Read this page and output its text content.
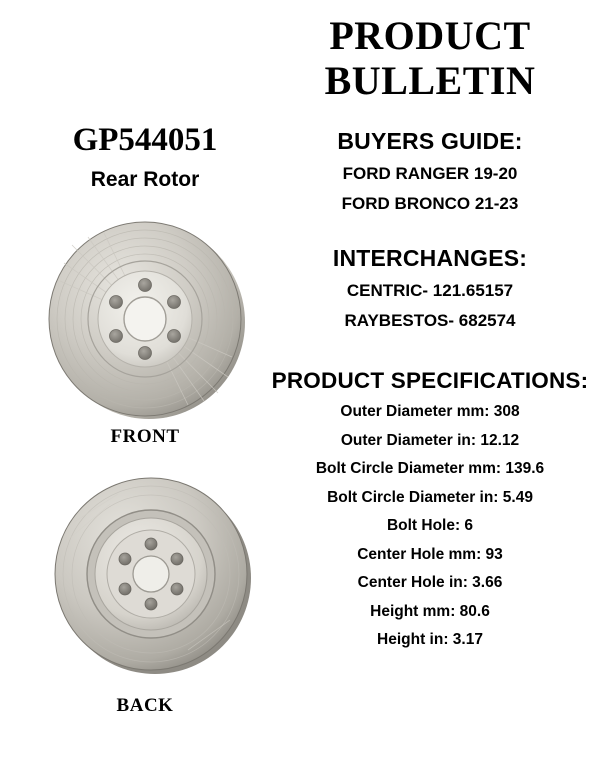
PRODUCT
BULLETIN
GP544051
Rear Rotor
FRONT
BACK
BUYERS GUIDE:
FORD RANGER 19-20
FORD BRONCO 21-23
INTERCHANGES:
CENTRIC- 121.65157
RAYBESTOS- 682574
PRODUCT SPECIFICATIONS:
Outer Diameter mm: 308
Outer Diameter in: 12.12
Bolt Circle Diameter mm: 139.6
Bolt Circle Diameter in: 5.49
Bolt Hole: 6
Center Hole mm: 93
Center Hole in: 3.66
Height mm: 80.6
Height in: 3.17
